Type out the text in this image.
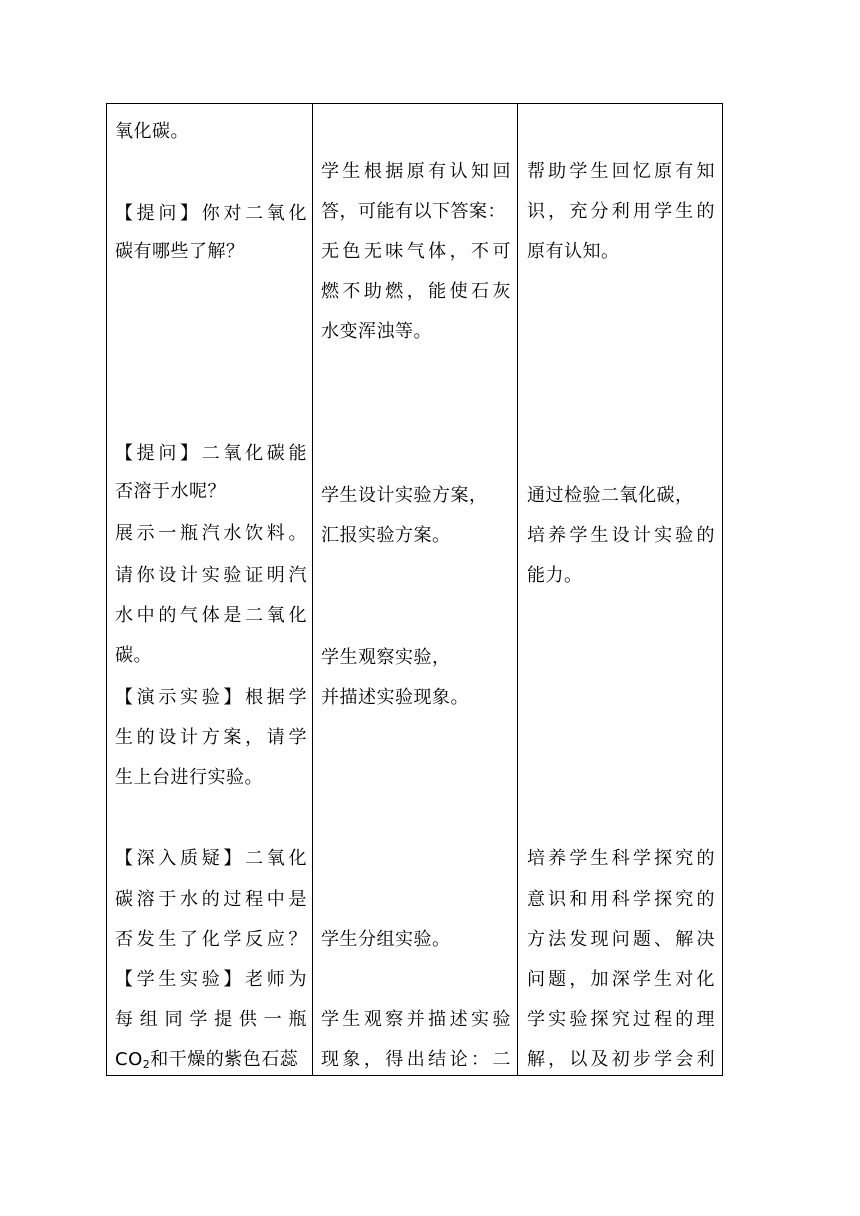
氧化碳。
【提问】你对二氧化
碳有哪些了解？
【提问】二氧化碳能
否溶于水呢？
展示一瓶汽水饮料。
请你设计实验证明汽
水中的气体是二氧化
碳。
【演示实验】根据学
生的设计方案，请学
生上台进行实验。
【深入质疑】二氧化
碳溶于水的过程中是
否发生了化学反应？
【学生实验】老师为
每组同学提供一瓶
$CO_2$和干燥的紫色石蕊
学生根据原有认知回
答，可能有以下答案：
无色无味气体，不可
燃不助燃，能使石灰
水变浑浊等。
学生设计实验方案，
汇报实验方案。
学生观察实验，
并描述实验现象。
学生分组实验。
学生观察并描述实验
现象，得出结论：二
帮助学生回忆原有知
识，充分利用学生的
原有认知。
通过检验二氧化碳，
培养学生设计实验的
能力。
培养学生科学探究的
意识和用科学探究的
方法发现问题、解决
问题，加深学生对化
学实验探究过程的理
解，以及初步学会利
